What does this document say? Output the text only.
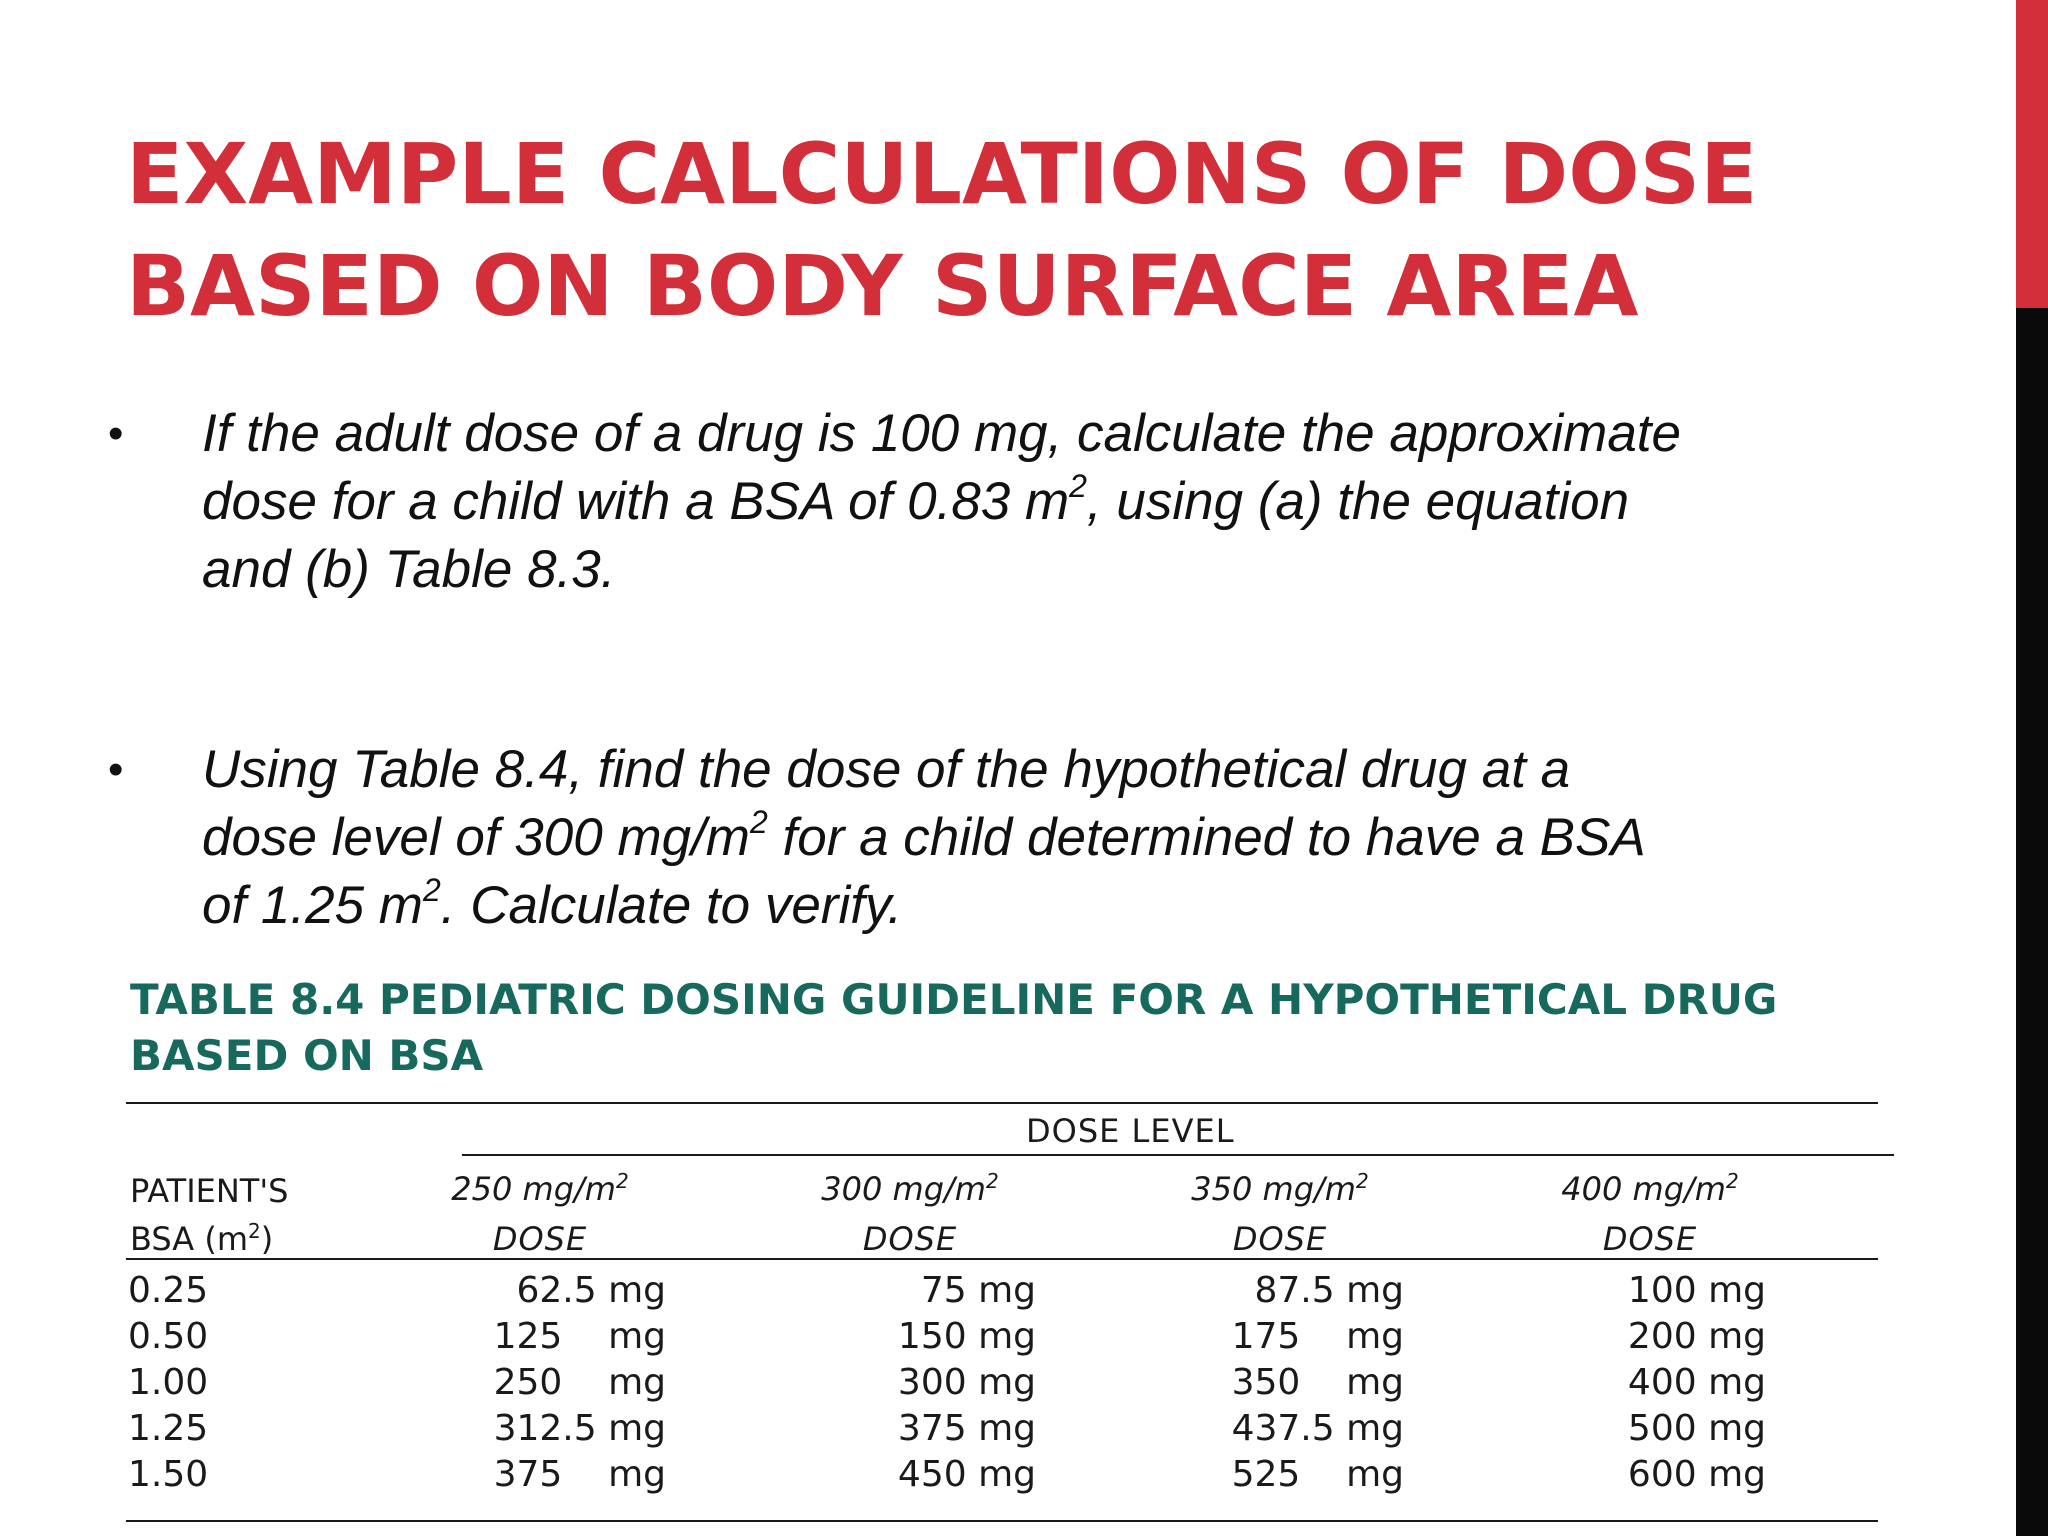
EXAMPLE CALCULATIONS OF DOSE
BASED ON BODY SURFACE AREA
• If the adult dose of a drug is 100 mg, calculate the approximate
dose for a child with a BSA of 0.83 $m^2$, using (a) the equation
and (b) Table 8.3.
• Using Table 8.4, find the dose of the hypothetical drug at a
dose level of 300 $mg/m^2$ for a child determined to have a BSA
of 1.25 $m^2$. Calculate to verify.
TABLE 8.4 PEDIATRIC DOSING GUIDELINE FOR A HYPOTHETICAL DRUG
BASED ON BSA
DOSE LEVEL
PATIENT'S
BSA $(m^2)$
250 $mg/m^2$	300 $mg/m^2$	350 $mg/m^2$	400 $mg/m^2$
DOSE	DOSE	DOSE	DOSE
0.25	62.5 mg	75 mg	87.5 mg	100 mg
0.50	125    mg	150 mg	175    mg	200 mg
1.00	250    mg	300 mg	350    mg	400 mg
1.25	312.5 mg	375 mg	437.5 mg	500 mg
1.50	375    mg	450 mg	525    mg	600 mg
